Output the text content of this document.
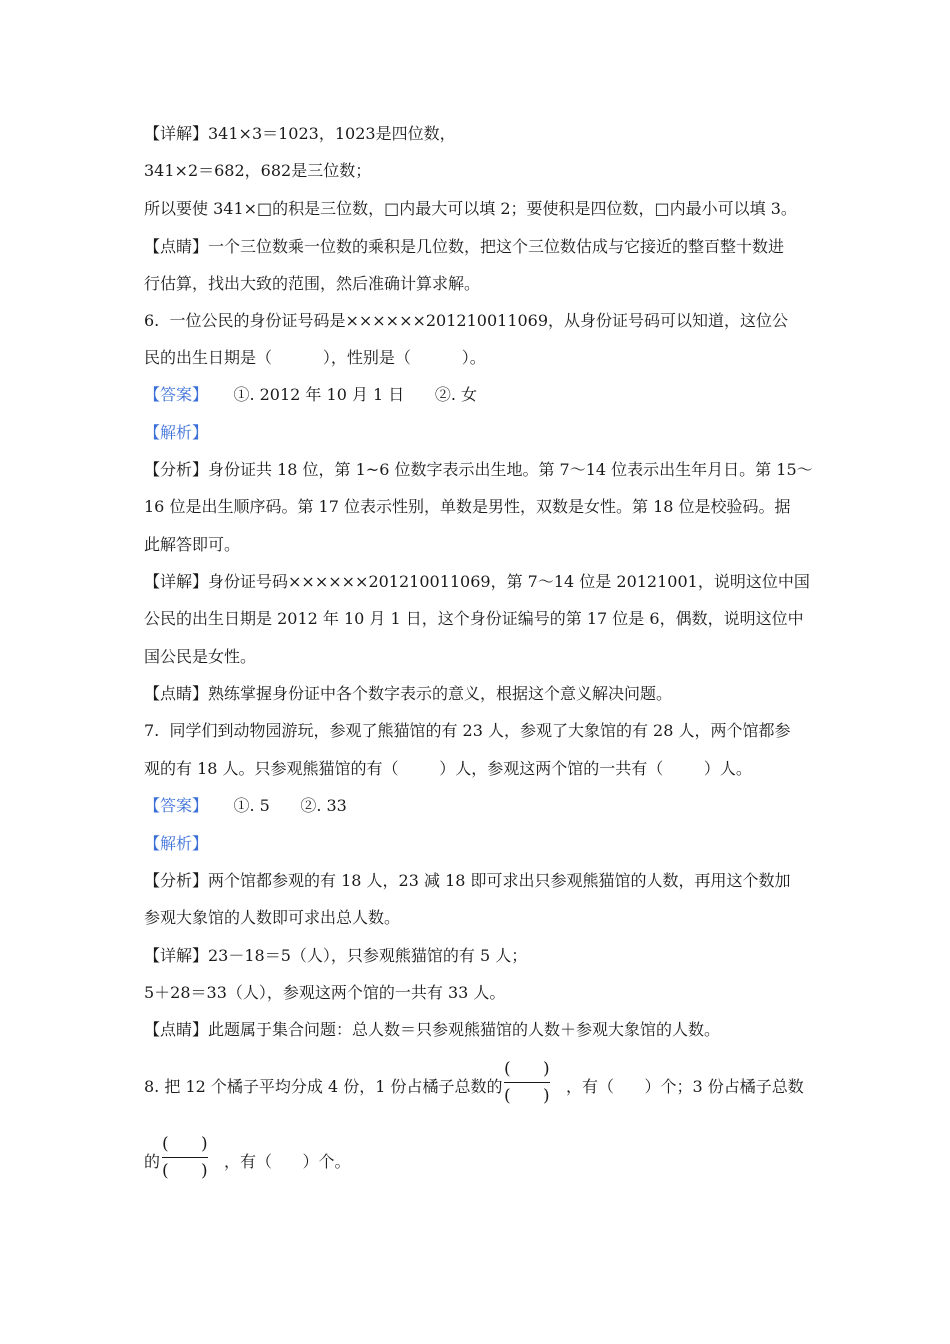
【详解】341×3＝1023，1023是四位数，
341×2＝682，682是三位数；
所以要使 341×□的积是三位数，□内最大可以填 2；要使积是四位数，□内最小可以填 3。
【点睛】一个三位数乘一位数的乘积是几位数，把这个三位数估成与它接近的整百整十数进
行估算，找出大致的范围，然后准确计算求解。
6.  一位公民的身份证号码是××××××201210011069，从身份证号码可以知道，这位公
民的出生日期是（          ），性别是（          ）。
【答案】     ①. 2012 年 10 月 1 日      ②. 女
【解析】
【分析】身份证共 18 位，第 1~6 位数字表示出生地。第 7～14 位表示出生年月日。第 15～
16 位是出生顺序码。第 17 位表示性别，单数是男性，双数是女性。第 18 位是校验码。据
此解答即可。
【详解】身份证号码××××××201210011069，第 7～14 位是 20121001，说明这位中国
公民的出生日期是 2012 年 10 月 1 日，这个身份证编号的第 17 位是 6，偶数，说明这位中
国公民是女性。
【点睛】熟练掌握身份证中各个数字表示的意义，根据这个意义解决问题。
7.  同学们到动物园游玩，参观了熊猫馆的有 23 人，参观了大象馆的有 28 人，两个馆都参
观的有 18 人。只参观熊猫馆的有（        ）人，参观这两个馆的一共有（        ）人。
【答案】     ①. 5      ②. 33
【解析】
【分析】两个馆都参观的有 18 人，23 减 18 即可求出只参观熊猫馆的人数，再用这个数加
参观大象馆的人数即可求出总人数。
【详解】23－18＝5（人），只参观熊猫馆的有 5 人；
5＋28＝33（人），参观这两个馆的一共有 33 人。
【点睛】此题属于集合问题：总人数＝只参观熊猫馆的人数＋参观大象馆的人数。
8. 把 12 个橘子平均分成 4 份，1 份占橘子总数的
(      )
(      ) ，有（      ）个；3 份占橘子总数
的
(      )
(      ) ，有（      ）个。
